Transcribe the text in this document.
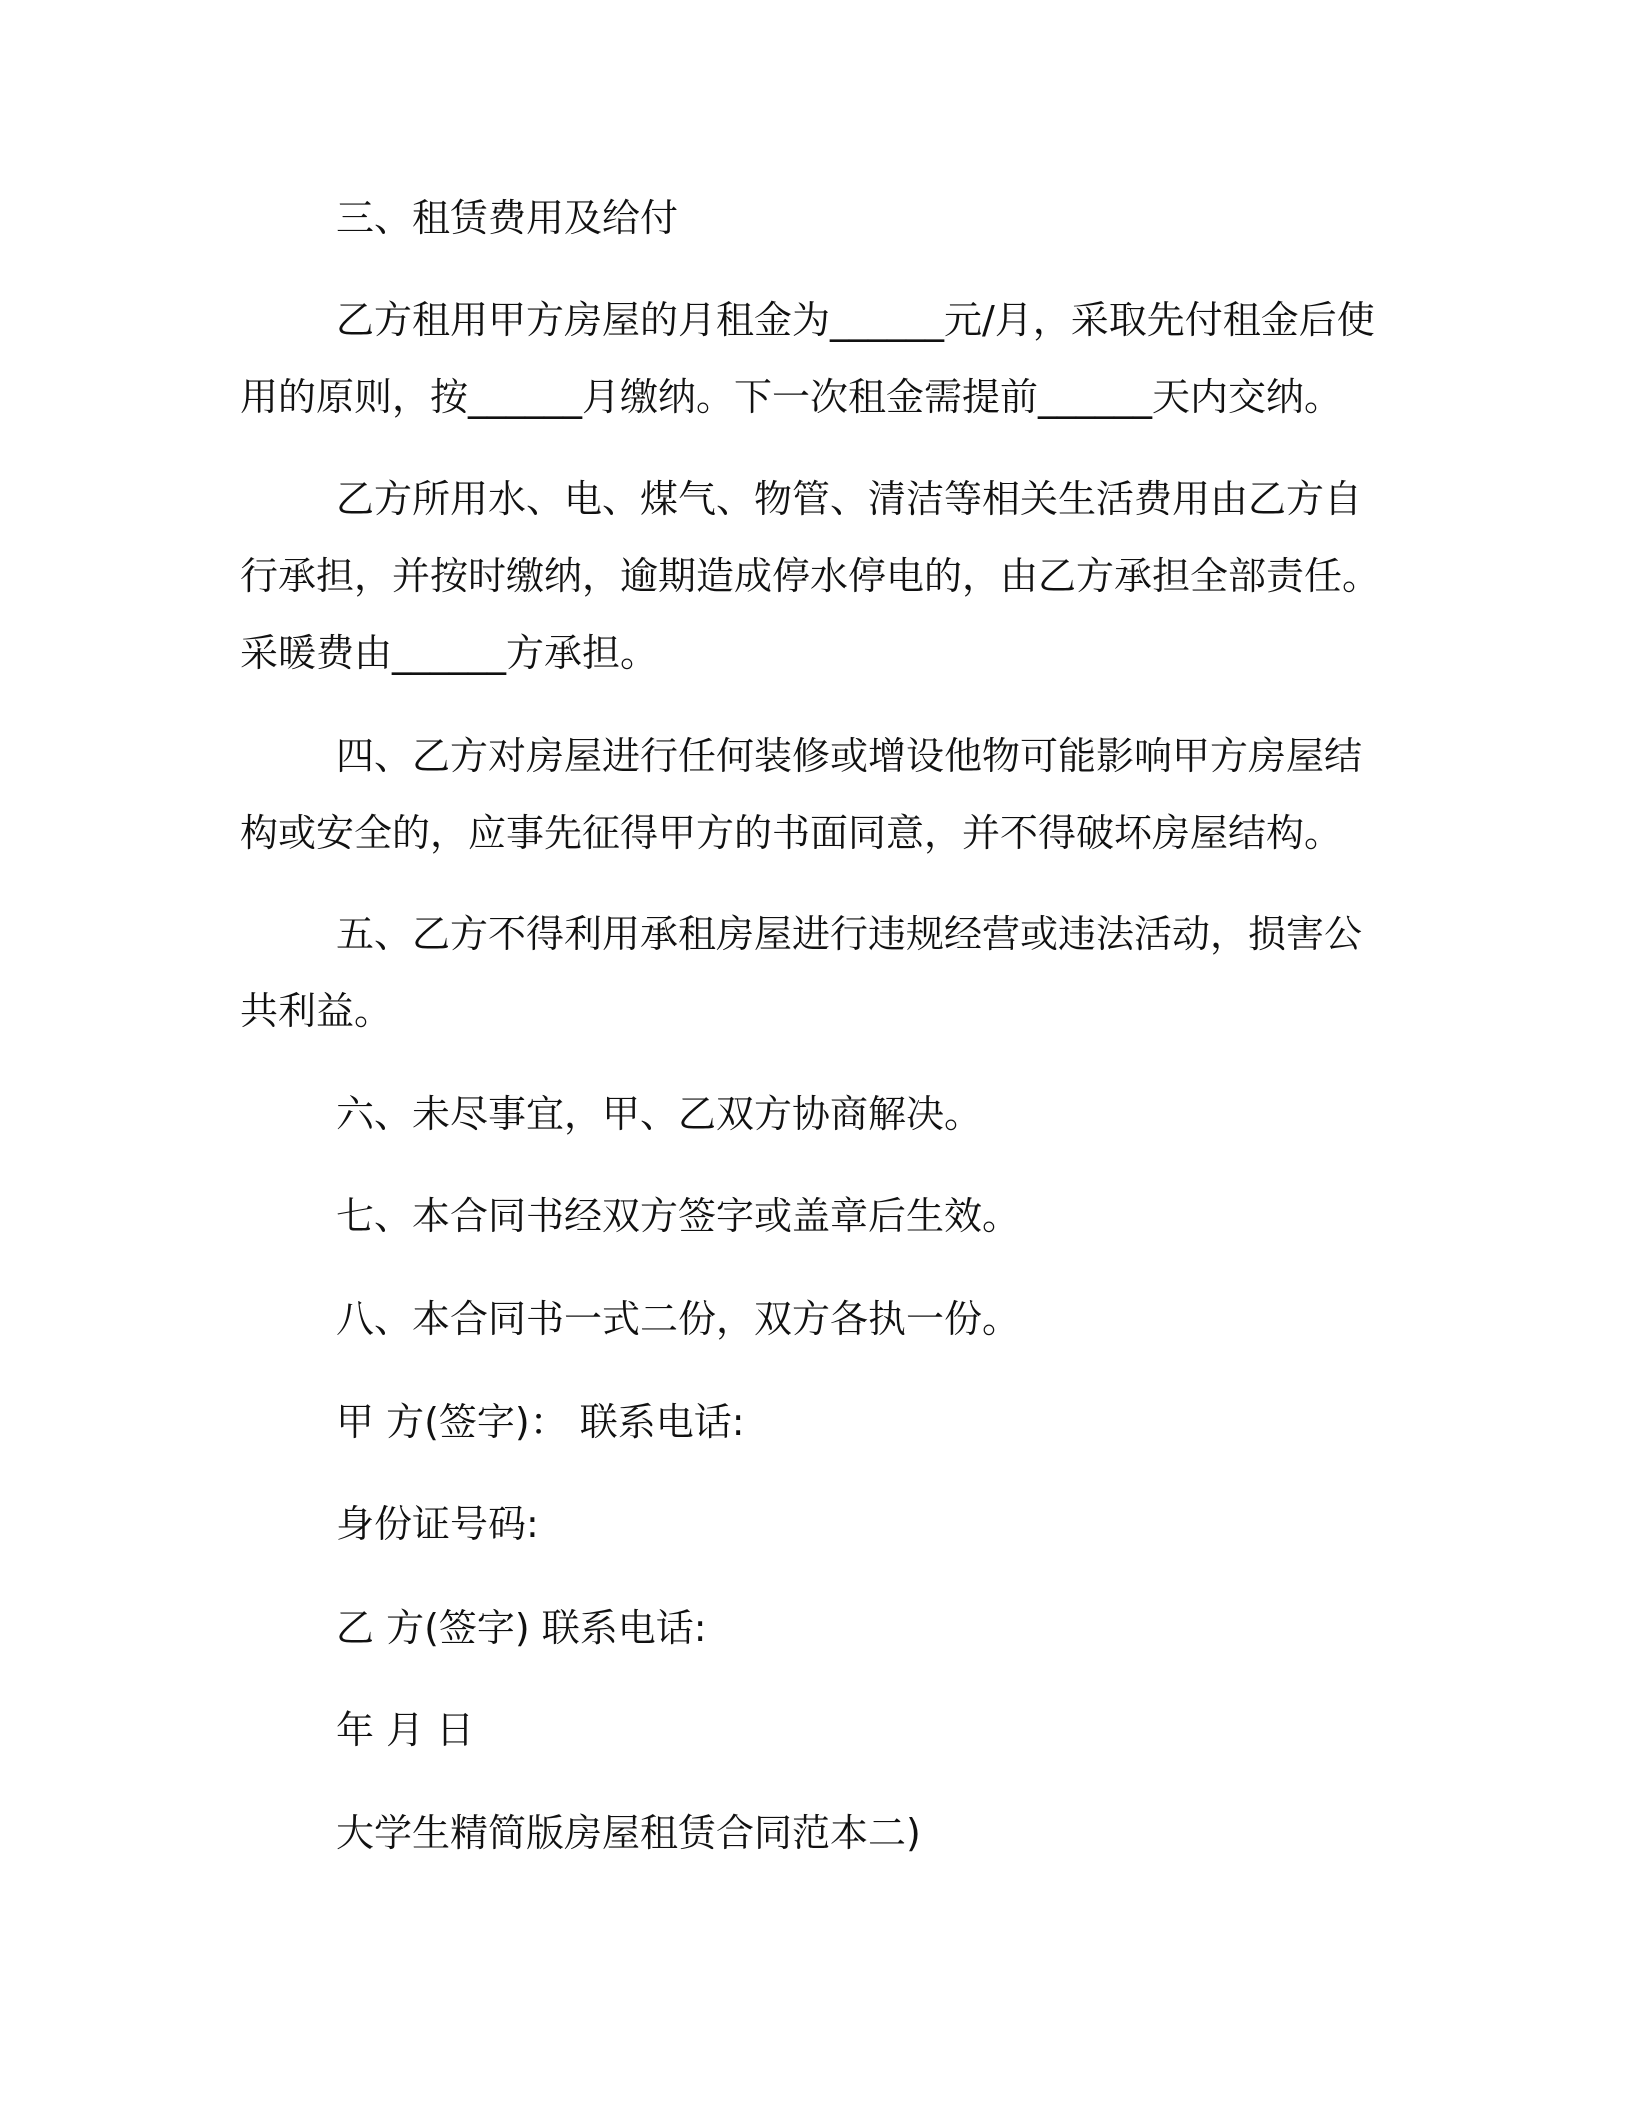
三、租赁费用及给付

乙方租用甲方房屋的月租金为______元/月，采取先付租金后使用的原则，按______月缴纳。下一次租金需提前______天内交纳。

乙方所用水、电、煤气、物管、清洁等相关生活费用由乙方自行承担，并按时缴纳，逾期造成停水停电的，由乙方承担全部责任。采暖费由______方承担。

四、乙方对房屋进行任何装修或增设他物可能影响甲方房屋结构或安全的，应事先征得甲方的书面同意，并不得破坏房屋结构。

五、乙方不得利用承租房屋进行违规经营或违法活动，损害公共利益。

六、未尽事宜，甲、乙双方协商解决。

七、本合同书经双方签字或盖章后生效。

八、本合同书一式二份，双方各执一份。

甲 方(签字)： 联系电话:

身份证号码:

乙 方(签字) 联系电话:

年 月 日

大学生精简版房屋租赁合同范本二)
